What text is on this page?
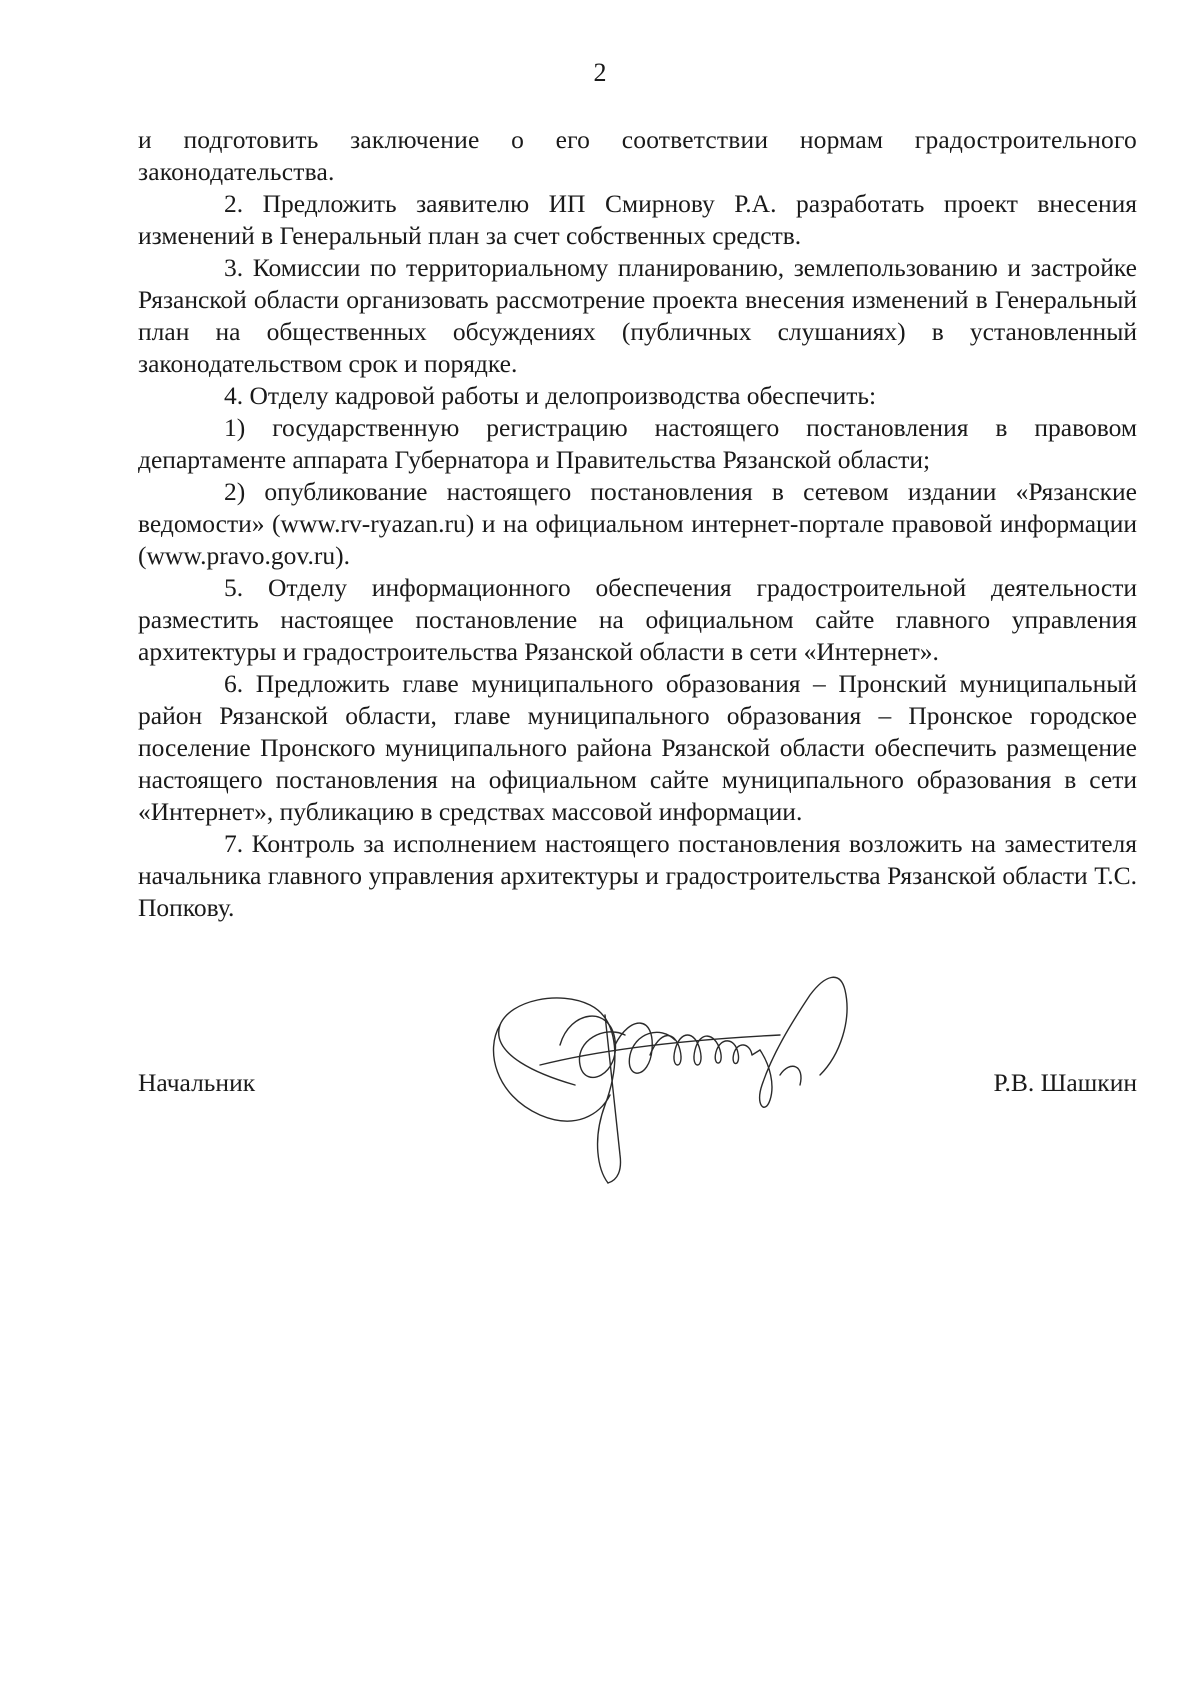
2

и подготовить заключение о его соответствии нормам градостроительного законодательства.

2. Предложить заявителю ИП Смирнову Р.А. разработать проект внесения изменений в Генеральный план за счет собственных средств.

3. Комиссии по территориальному планированию, землепользованию и застройке Рязанской области организовать рассмотрение проекта внесения изменений в Генеральный план на общественных обсуждениях (публичных слушаниях) в установленный законодательством срок и порядке.

4. Отделу кадровой работы и делопроизводства обеспечить:

1) государственную регистрацию настоящего постановления в правовом департаменте аппарата Губернатора и Правительства Рязанской области;

2) опубликование настоящего постановления в сетевом издании «Рязанские ведомости» (www.rv-ryazan.ru) и на официальном интернет-портале правовой информации (www.pravo.gov.ru).

5. Отделу информационного обеспечения градостроительной деятельности разместить настоящее постановление на официальном сайте главного управления архитектуры и градостроительства Рязанской области в сети «Интернет».

6. Предложить главе муниципального образования – Пронский муниципальный район Рязанской области, главе муниципального образования – Пронское городское поселение Пронского муниципального района Рязанской области обеспечить размещение настоящего постановления на официальном сайте муниципального образования в сети «Интернет», публикацию в средствах массовой информации.

7. Контроль за исполнением настоящего постановления возложить на заместителя начальника главного управления архитектуры и градостроительства Рязанской области Т.С. Попкову.

Начальник	Р.В. Шашкин
